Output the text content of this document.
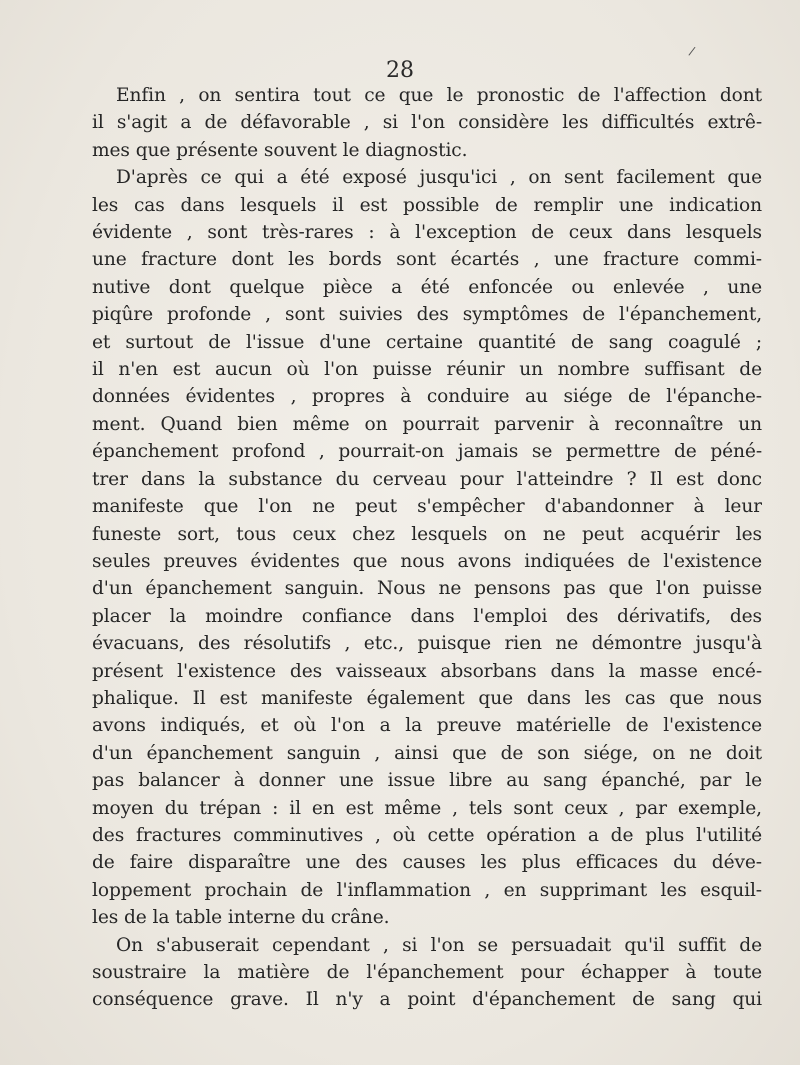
/
28
Enfin , on sentira tout ce que le pronostic de l'affection dont
il s'agit a de défavorable , si l'on considère les difficultés extrê-
mes que présente souvent le diagnostic.
D'après ce qui a été exposé jusqu'ici , on sent facilement que
les cas dans lesquels il est possible de remplir une indication
évidente , sont très-rares : à l'exception de ceux dans lesquels
une fracture dont les bords sont écartés , une fracture commi-
nutive dont quelque pièce a été enfoncée ou enlevée , une
piqûre profonde , sont suivies des symptômes de l'épanchement,
et surtout de l'issue d'une certaine quantité de sang coagulé ;
il n'en est aucun où l'on puisse réunir un nombre suffisant de
données évidentes , propres à conduire au siége de l'épanche-
ment. Quand bien même on pourrait parvenir à reconnaître un
épanchement profond , pourrait-on jamais se permettre de péné-
trer dans la substance du cerveau pour l'atteindre ? Il est donc
manifeste que l'on ne peut s'empêcher d'abandonner à leur
funeste sort, tous ceux chez lesquels on ne peut acquérir les
seules preuves évidentes que nous avons indiquées de l'existence
d'un épanchement sanguin. Nous ne pensons pas que l'on puisse
placer la moindre confiance dans l'emploi des dérivatifs, des
évacuans, des résolutifs , etc., puisque rien ne démontre jusqu'à
présent l'existence des vaisseaux absorbans dans la masse encé-
phalique. Il est manifeste également que dans les cas que nous
avons indiqués, et où l'on a la preuve matérielle de l'existence
d'un épanchement sanguin , ainsi que de son siége, on ne doit
pas balancer à donner une issue libre au sang épanché, par le
moyen du trépan : il en est même , tels sont ceux , par exemple,
des fractures comminutives , où cette opération a de plus l'utilité
de faire disparaître une des causes les plus efficaces du déve-
loppement prochain de l'inflammation , en supprimant les esquil-
les de la table interne du crâne.
On s'abuserait cependant , si l'on se persuadait qu'il suffit de
soustraire la matière de l'épanchement pour échapper à toute
conséquence grave. Il n'y a point d'épanchement de sang qui
